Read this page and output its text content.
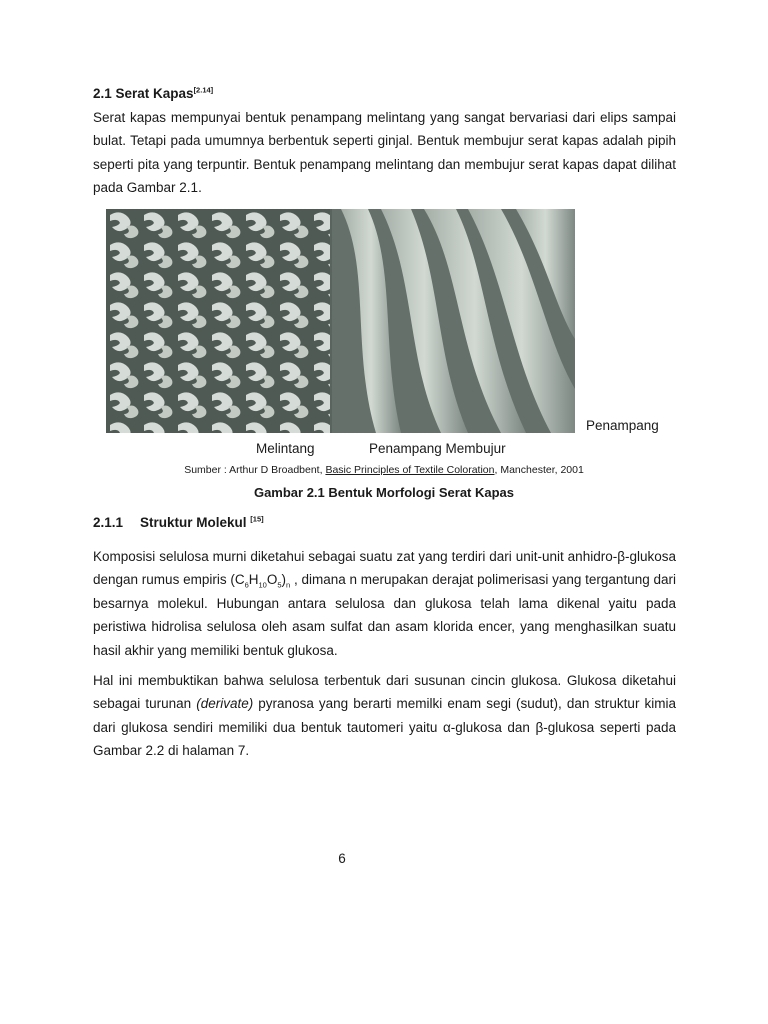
2.1 Serat Kapas[2.14]

Serat kapas mempunyai bentuk penampang melintang yang sangat bervariasi dari elips sampai bulat. Tetapi pada umumnya berbentuk seperti ginjal. Bentuk membujur serat kapas adalah pipih seperti pita yang terpuntir. Bentuk penampang melintang dan membujur serat kapas dapat dilihat pada Gambar 2.1.

Penampang
Melintang	Penampang Membujur
Sumber : Arthur D Broadbent, Basic Principles of Textile Coloration, Manchester, 2001
Gambar 2.1 Bentuk Morfologi Serat Kapas
2.1.1 Struktur Molekul [15]

Komposisi selulosa murni diketahui sebagai suatu zat yang terdiri dari unit-unit anhidro-β-glukosa dengan rumus empiris $(C_6H_{10}O_5)_n$ , dimana n merupakan derajat polimerisasi yang tergantung dari besarnya molekul. Hubungan antara selulosa dan glukosa telah lama dikenal yaitu pada peristiwa hidrolisa selulosa oleh asam sulfat dan asam klorida encer, yang menghasilkan suatu hasil akhir yang memiliki bentuk glukosa.

Hal ini membuktikan bahwa selulosa terbentuk dari susunan cincin glukosa. Glukosa diketahui sebagai turunan (derivate) pyranosa yang berarti memilki enam segi (sudut), dan struktur kimia dari glukosa sendiri memiliki dua bentuk tautomeri yaitu α-glukosa dan β-glukosa seperti pada Gambar 2.2 di halaman 7.

6
